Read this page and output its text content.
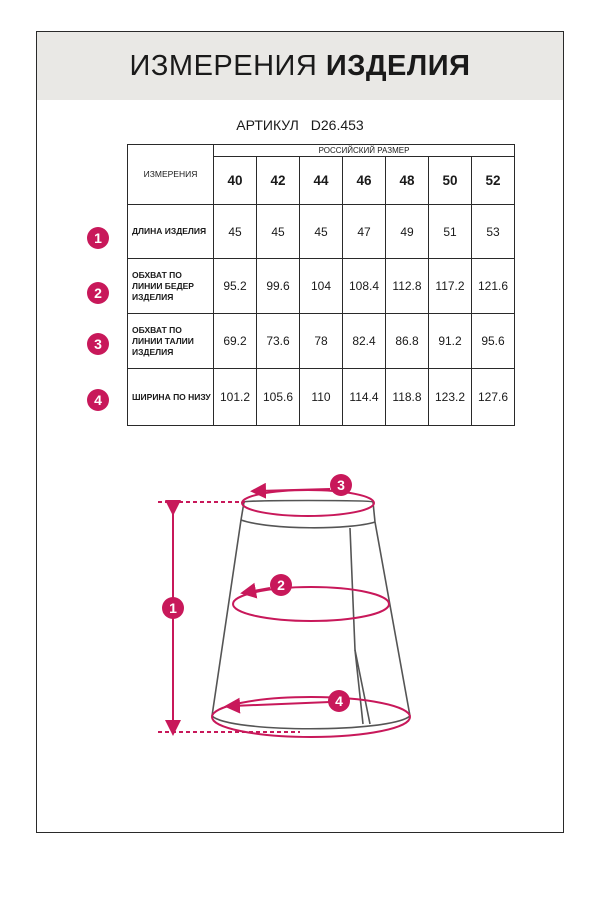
ИЗМЕРЕНИЯ ИЗДЕЛИЯ
АРТИКУЛ D26.453
ИЗМЕРЕНИЯ	РОССИЙСКИЙ РАЗМЕР						
	40	42	44	46	48	50	52
ДЛИНА ИЗДЕЛИЯ	45	45	45	47	49	51	53
ОБХВАТ ПО ЛИНИИ БЕДЕР ИЗДЕЛИЯ	95.2	99.6	104	108.4	112.8	117.2	121.6
ОБХВАТ ПО ЛИНИИ ТАЛИИ ИЗДЕЛИЯ	69.2	73.6	78	82.4	86.8	91.2	95.6
ШИРИНА ПО НИЗУ	101.2	105.6	110	114.4	118.8	123.2	127.6
1
2
3
4
1
2
3
4
